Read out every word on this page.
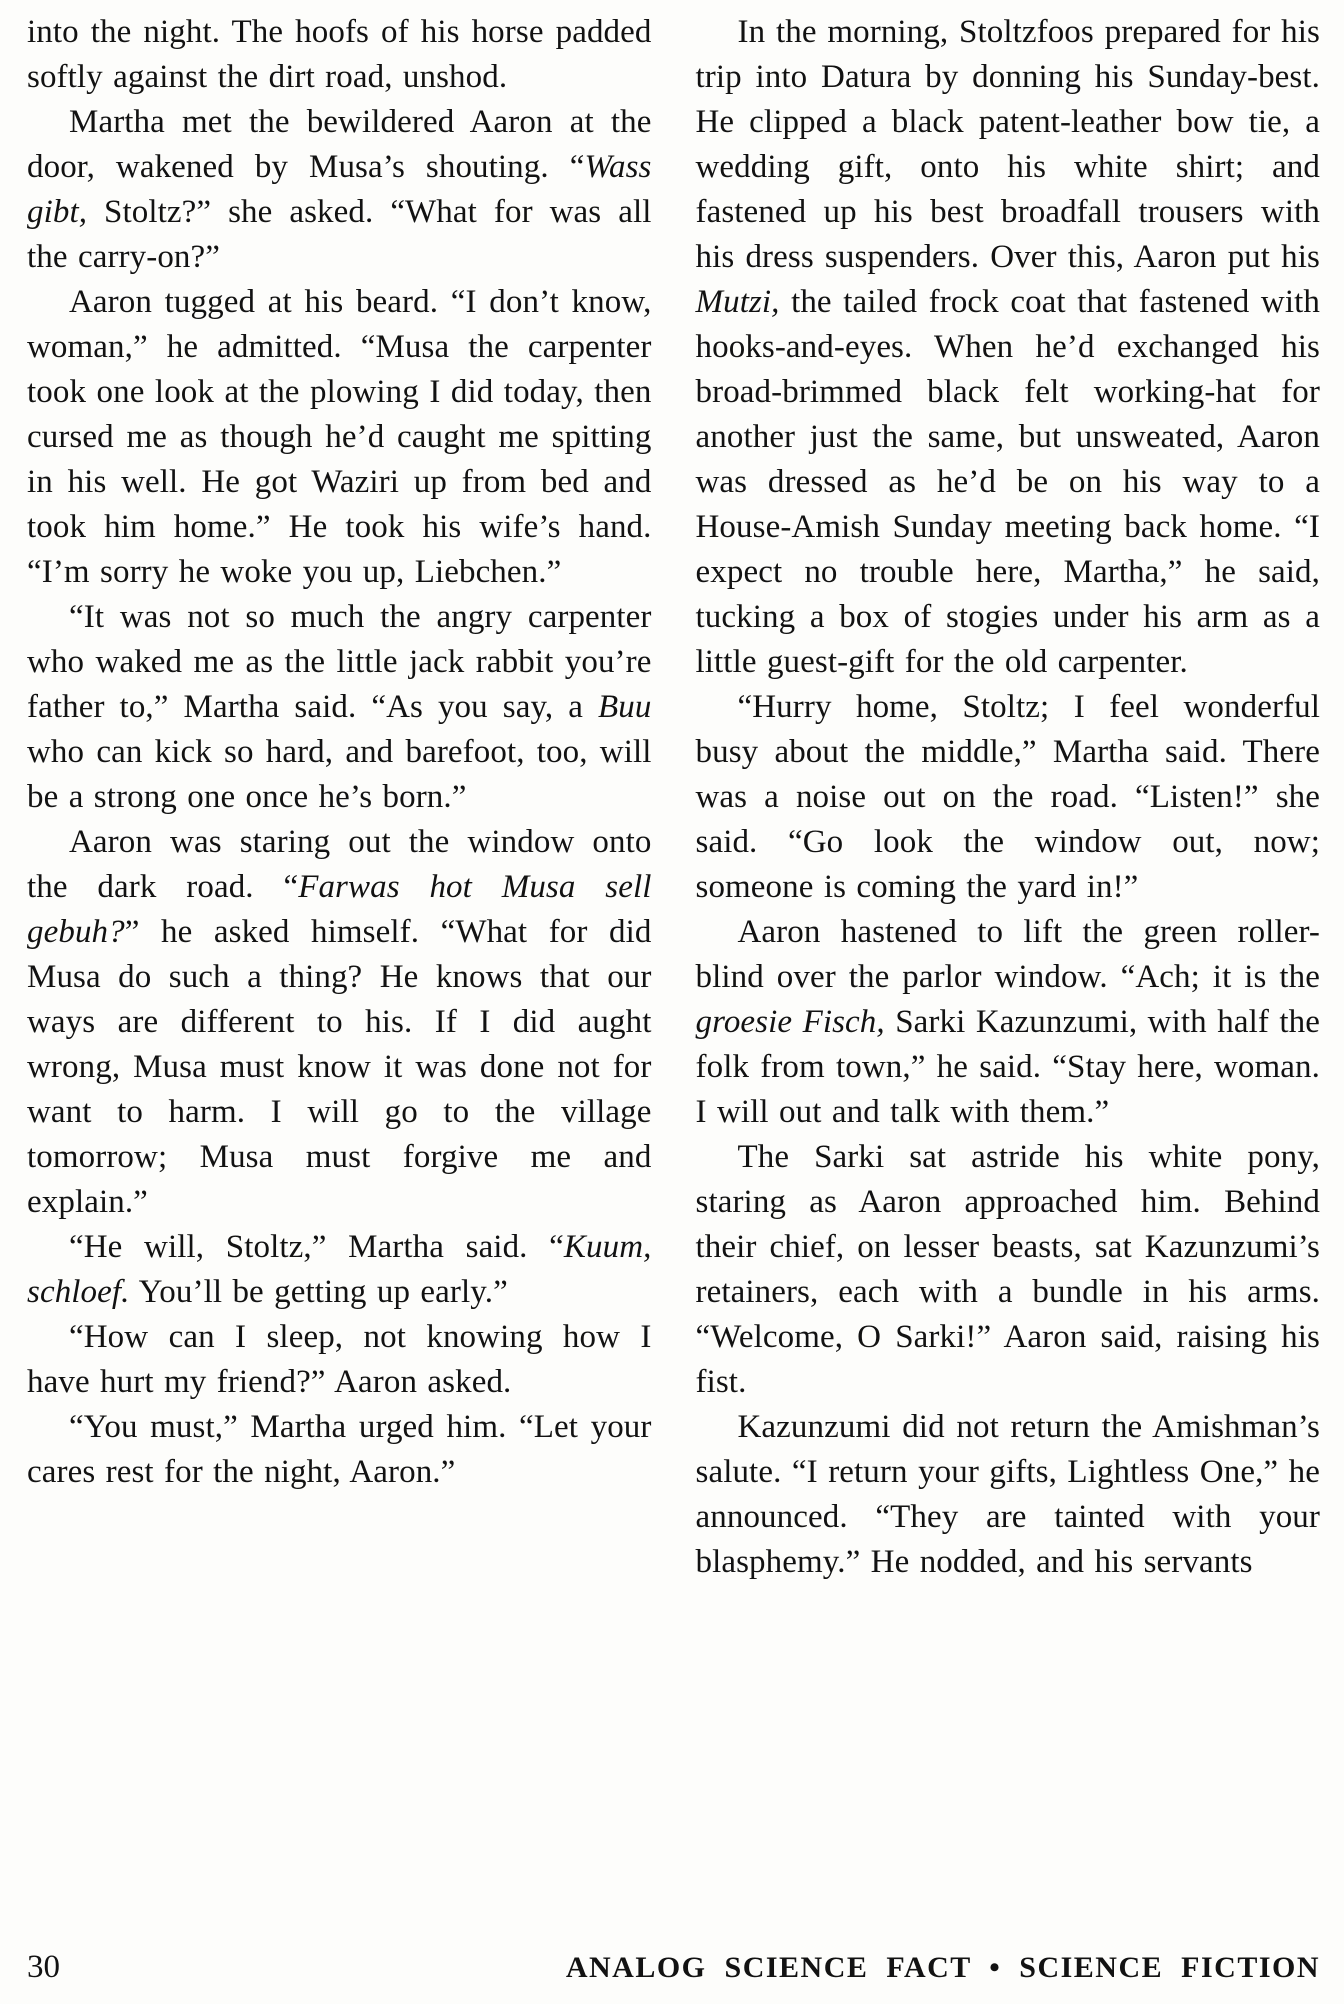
into the night. The hoofs of his horse padded softly against the dirt road, unshod.

Martha met the bewildered Aaron at the door, wakened by Musa’s shouting. “Wass gibt, Stoltz?” she asked. “What for was all the carry-on?”

Aaron tugged at his beard. “I don’t know, woman,” he admitted. “Musa the carpenter took one look at the plowing I did today, then cursed me as though he’d caught me spitting in his well. He got Waziri up from bed and took him home.” He took his wife’s hand. “I’m sorry he woke you up, Liebchen.”

“It was not so much the angry carpenter who waked me as the little jack rabbit you’re father to,” Martha said. “As you say, a Buu who can kick so hard, and barefoot, too, will be a strong one once he’s born.”

Aaron was staring out the window onto the dark road. “Farwas hot Musa sell gebuh?” he asked himself. “What for did Musa do such a thing? He knows that our ways are different to his. If I did aught wrong, Musa must know it was done not for want to harm. I will go to the village tomorrow; Musa must forgive me and explain.”

“He will, Stoltz,” Martha said. “Kuum, schloef. You’ll be getting up early.”

“How can I sleep, not knowing how I have hurt my friend?” Aaron asked.

“You must,” Martha urged him. “Let your cares rest for the night, Aaron.”

In the morning, Stoltzfoos prepared for his trip into Datura by donning his Sunday-best. He clipped a black patent-leather bow tie, a wedding gift, onto his white shirt; and fastened up his best broadfall trousers with his dress suspenders. Over this, Aaron put his Mutzi, the tailed frock coat that fastened with hooks-and-eyes. When he’d exchanged his broad-brimmed black felt working-hat for another just the same, but unsweated, Aaron was dressed as he’d be on his way to a House-Amish Sunday meeting back home. “I expect no trouble here, Martha,” he said, tucking a box of stogies under his arm as a little guest-gift for the old carpenter.

“Hurry home, Stoltz; I feel wonderful busy about the middle,” Martha said. There was a noise out on the road. “Listen!” she said. “Go look the window out, now; someone is coming the yard in!”

Aaron hastened to lift the green roller-blind over the parlor window. “Ach; it is the groesie Fisch, Sarki Kazunzumi, with half the folk from town,” he said. “Stay here, woman. I will out and talk with them.”

The Sarki sat astride his white pony, staring as Aaron approached him. Behind their chief, on lesser beasts, sat Kazunzumi’s retainers, each with a bundle in his arms. “Welcome, O Sarki!” Aaron said, raising his fist.

Kazunzumi did not return the Amishman’s salute. “I return your gifts, Lightless One,” he announced. “They are tainted with your blasphemy.” He nodded, and his servants

30	ANALOG SCIENCE FACT • SCIENCE FICTION
